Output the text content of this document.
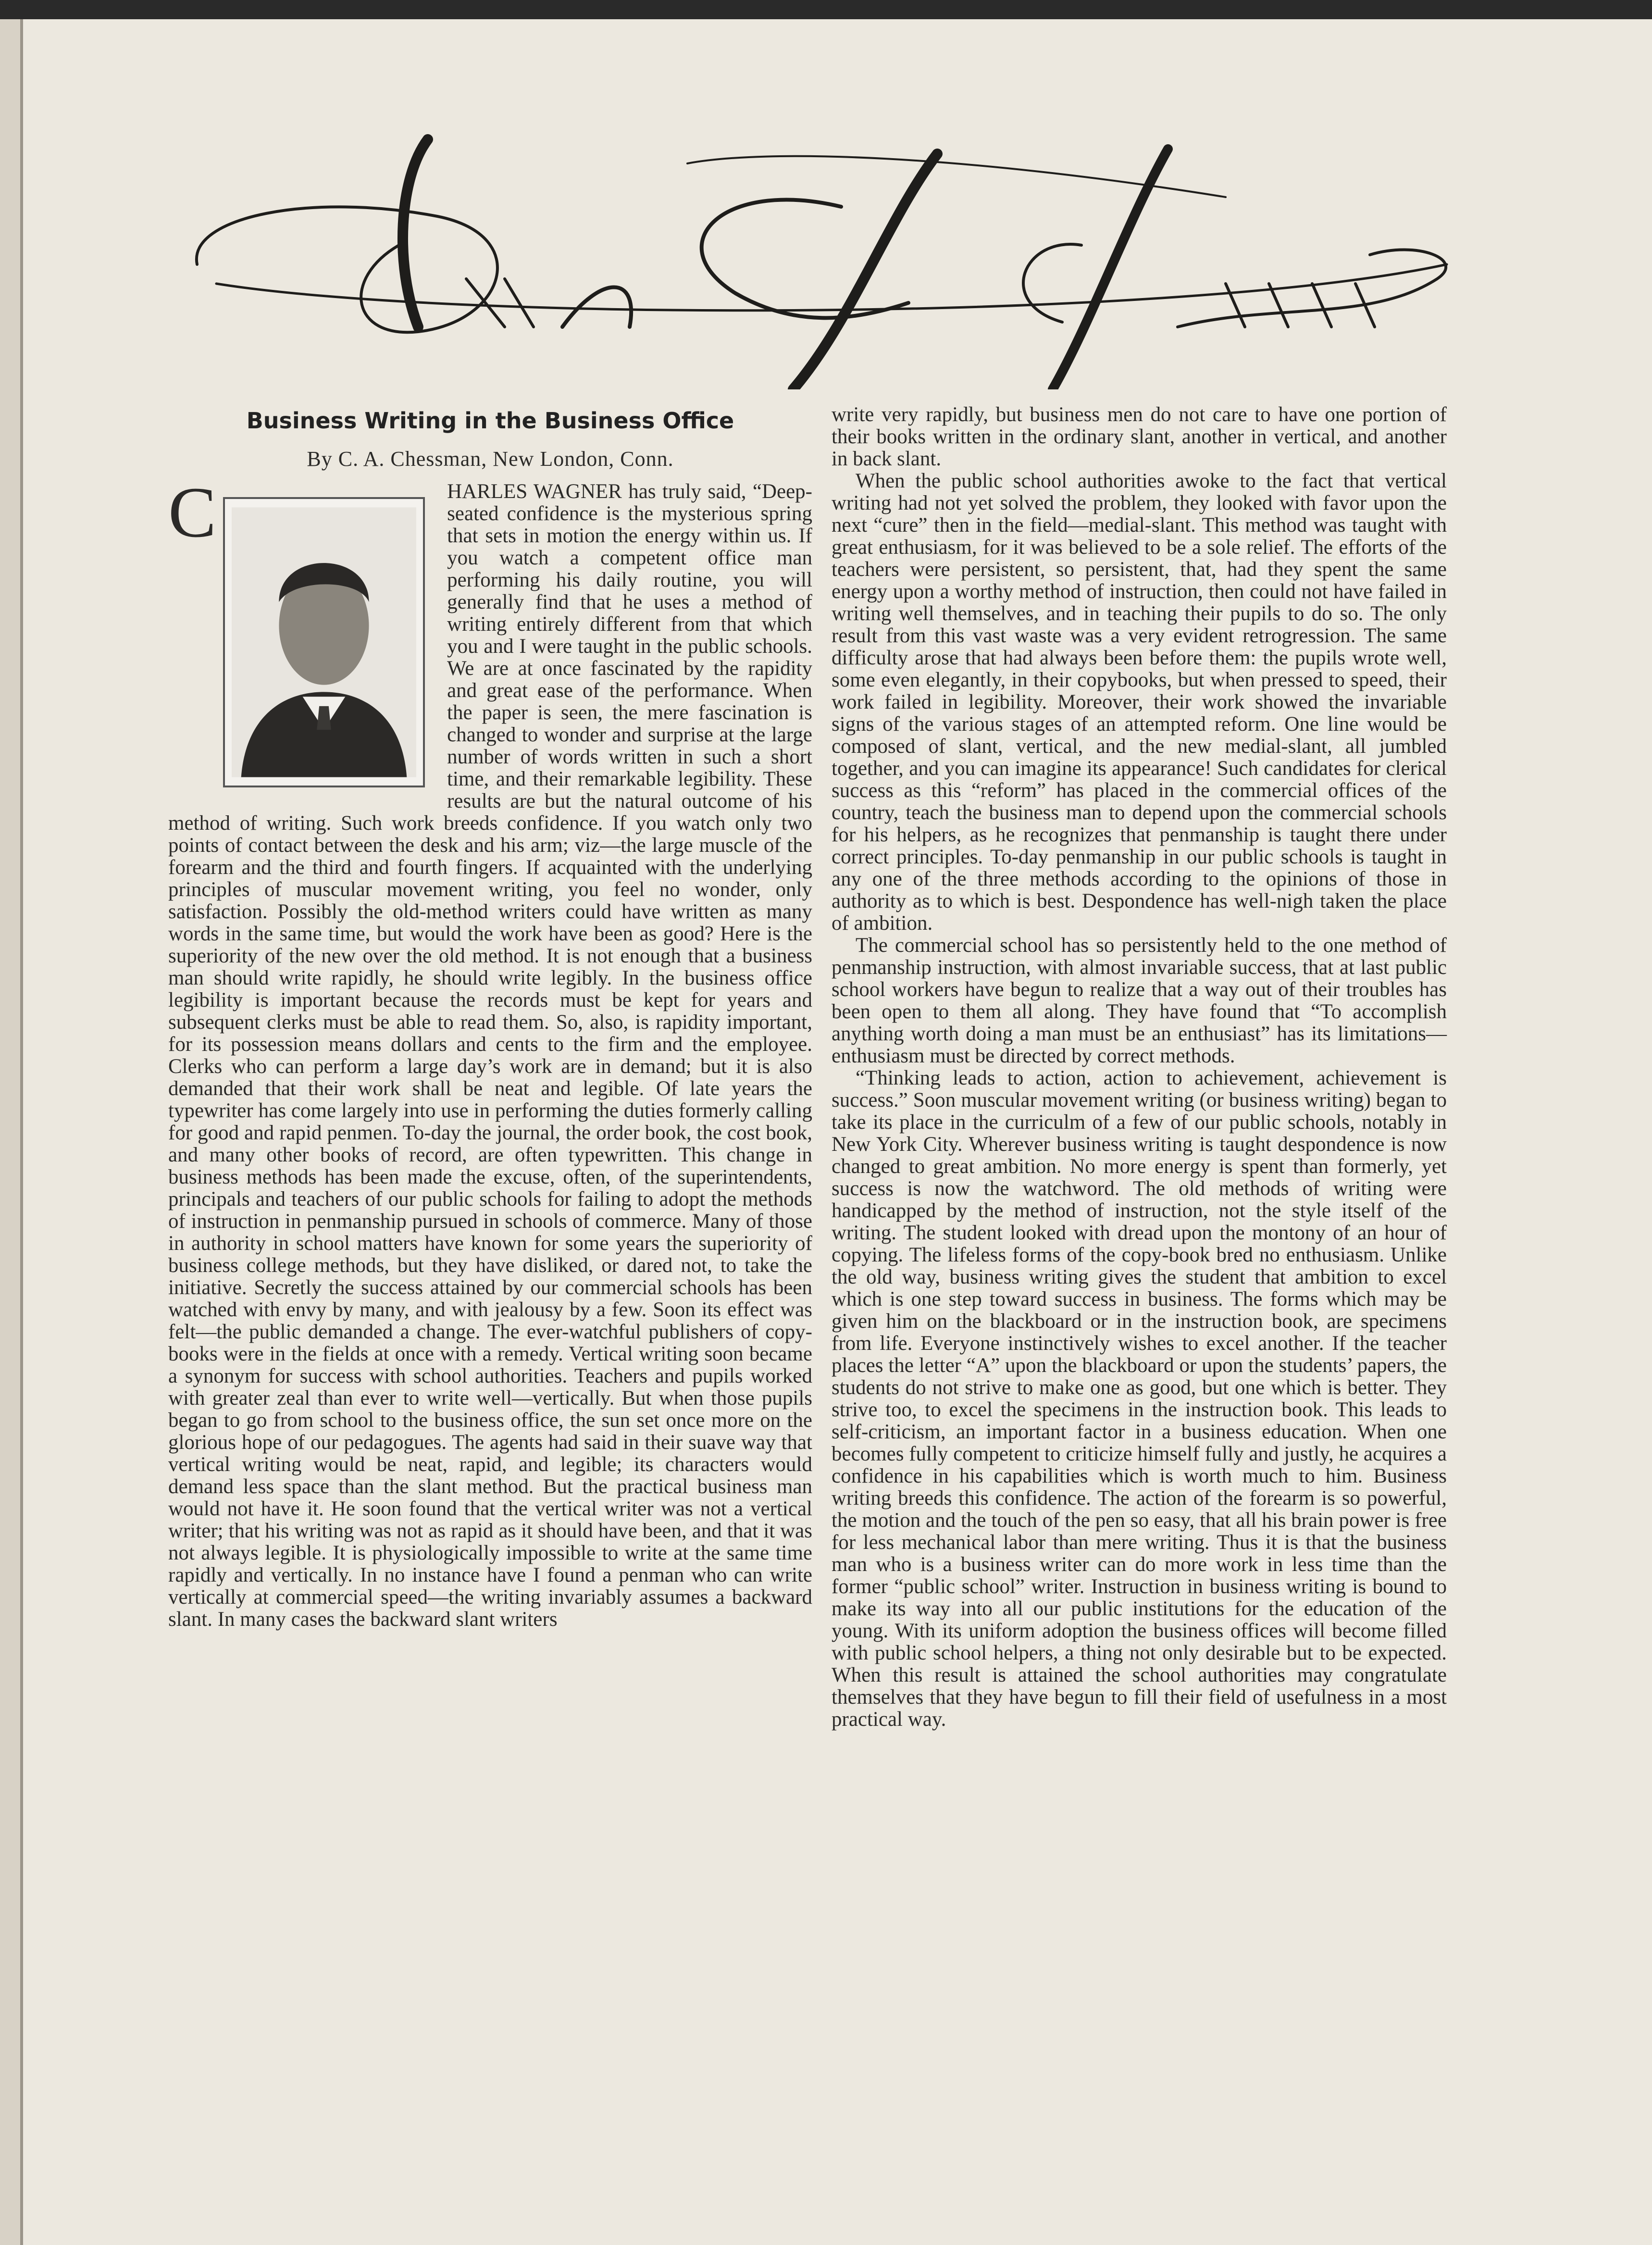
Business Writing in the Business Office
By C. A. Chessman, New London, Conn.
C	HARLES WAGNER has truly said, “Deep-seated confidence is the mysterious spring that sets in motion the energy within us. If you watch a competent office man performing his daily routine, you will generally find that he uses a method of writing entirely different from that which you and I were taught in the public schools. We are at once fascinated by the rapidity and great ease of the performance. When the paper is seen, the mere fascination is changed to wonder and surprise at the large number of words written in such a short time, and their remarkable legibility. These results are but the natural outcome of his method of writing. Such work breeds confidence. If you watch only two points of contact between the desk and his arm; viz—the large muscle of the forearm and the third and fourth fingers. If acquainted with the underlying principles of muscular movement writing, you feel no wonder, only satisfaction. Possibly the old-method writers could have written as many words in the same time, but would the work have been as good? Here is the superiority of the new over the old method. It is not enough that a business man should write rapidly, he should write legibly. In the business office legibility is important because the records must be kept for years and subsequent clerks must be able to read them. So, also, is rapidity important, for its possession means dollars and cents to the firm and the employee. Clerks who can perform a large day’s work are in demand; but it is also demanded that their work shall be neat and legible. Of late years the typewriter has come largely into use in performing the duties formerly calling for good and rapid penmen. To-day the journal, the order book, the cost book, and many other books of record, are often typewritten. This change in business methods has been made the excuse, often, of the superintendents, principals and teachers of our public schools for failing to adopt the methods of instruction in penmanship pursued in schools of commerce. Many of those in authority in school matters have known for some years the superiority of business college methods, but they have disliked, or dared not, to take the initiative. Secretly the success attained by our commercial schools has been watched with envy by many, and with jealousy by a few. Soon its effect was felt—the public demanded a change. The ever-watchful publishers of copy-books were in the fields at once with a remedy. Vertical writing soon became a synonym for success with school authorities. Teachers and pupils worked with greater zeal than ever to write well—vertically. But when those pupils began to go from school to the business office, the sun set once more on the glorious hope of our pedagogues. The agents had said in their suave way that vertical writing would be neat, rapid, and legible; its characters would demand less space than the slant method. But the practical business man would not have it. He soon found that the vertical writer was not a vertical writer; that his writing was not as rapid as it should have been, and that it was not always legible. It is physiologically impossible to write at the same time rapidly and vertically. In no instance have I found a penman who can write vertically at commercial speed—the writing invariably assumes a backward slant. In many cases the backward slant writers

write very rapidly, but business men do not care to have one portion of their books written in the ordinary slant, another in vertical, and another in back slant.

When the public school authorities awoke to the fact that vertical writing had not yet solved the problem, they looked with favor upon the next “cure” then in the field—medial-slant. This method was taught with great enthusiasm, for it was believed to be a sole relief. The efforts of the teachers were persistent, so persistent, that, had they spent the same energy upon a worthy method of instruction, then could not have failed in writing well themselves, and in teaching their pupils to do so. The only result from this vast waste was a very evident retrogression. The same difficulty arose that had always been before them: the pupils wrote well, some even elegantly, in their copybooks, but when pressed to speed, their work failed in legibility. Moreover, their work showed the invariable signs of the various stages of an attempted reform. One line would be composed of slant, vertical, and the new medial-slant, all jumbled together, and you can imagine its appearance! Such candidates for clerical success as this “reform” has placed in the commercial offices of the country, teach the business man to depend upon the commercial schools for his helpers, as he recognizes that penmanship is taught there under correct principles. To-day penmanship in our public schools is taught in any one of the three methods according to the opinions of those in authority as to which is best. Despondence has well-nigh taken the place of ambition.

The commercial school has so persistently held to the one method of penmanship instruction, with almost invariable success, that at last public school workers have begun to realize that a way out of their troubles has been open to them all along. They have found that “To accomplish anything worth doing a man must be an enthusiast” has its limitations—enthusiasm must be directed by correct methods.

“Thinking leads to action, action to achievement, achievement is success.” Soon muscular movement writing (or business writing) began to take its place in the curriculm of a few of our public schools, notably in New York City. Wherever business writing is taught despondence is now changed to great ambition. No more energy is spent than formerly, yet success is now the watchword. The old methods of writing were handicapped by the method of instruction, not the style itself of the writing. The student looked with dread upon the montony of an hour of copying. The lifeless forms of the copy-book bred no enthusiasm. Unlike the old way, business writing gives the student that ambition to excel which is one step toward success in business. The forms which may be given him on the blackboard or in the instruction book, are specimens from life. Everyone instinctively wishes to excel another. If the teacher places the letter “A” upon the blackboard or upon the students’ papers, the students do not strive to make one as good, but one which is better. They strive too, to excel the specimens in the instruction book. This leads to self-criticism, an important factor in a business education. When one becomes fully competent to criticize himself fully and justly, he acquires a confidence in his capabilities which is worth much to him. Business writing breeds this confidence. The action of the forearm is so powerful, the motion and the touch of the pen so easy, that all his brain power is free for less mechanical labor than mere writing. Thus it is that the business man who is a business writer can do more work in less time than the former “public school” writer. Instruction in business writing is bound to make its way into all our public institutions for the education of the young. With its uniform adoption the business offices will become filled with public school helpers, a thing not only desirable but to be expected. When this result is attained the school authorities may congratulate themselves that they have begun to fill their field of usefulness in a most practical way.
